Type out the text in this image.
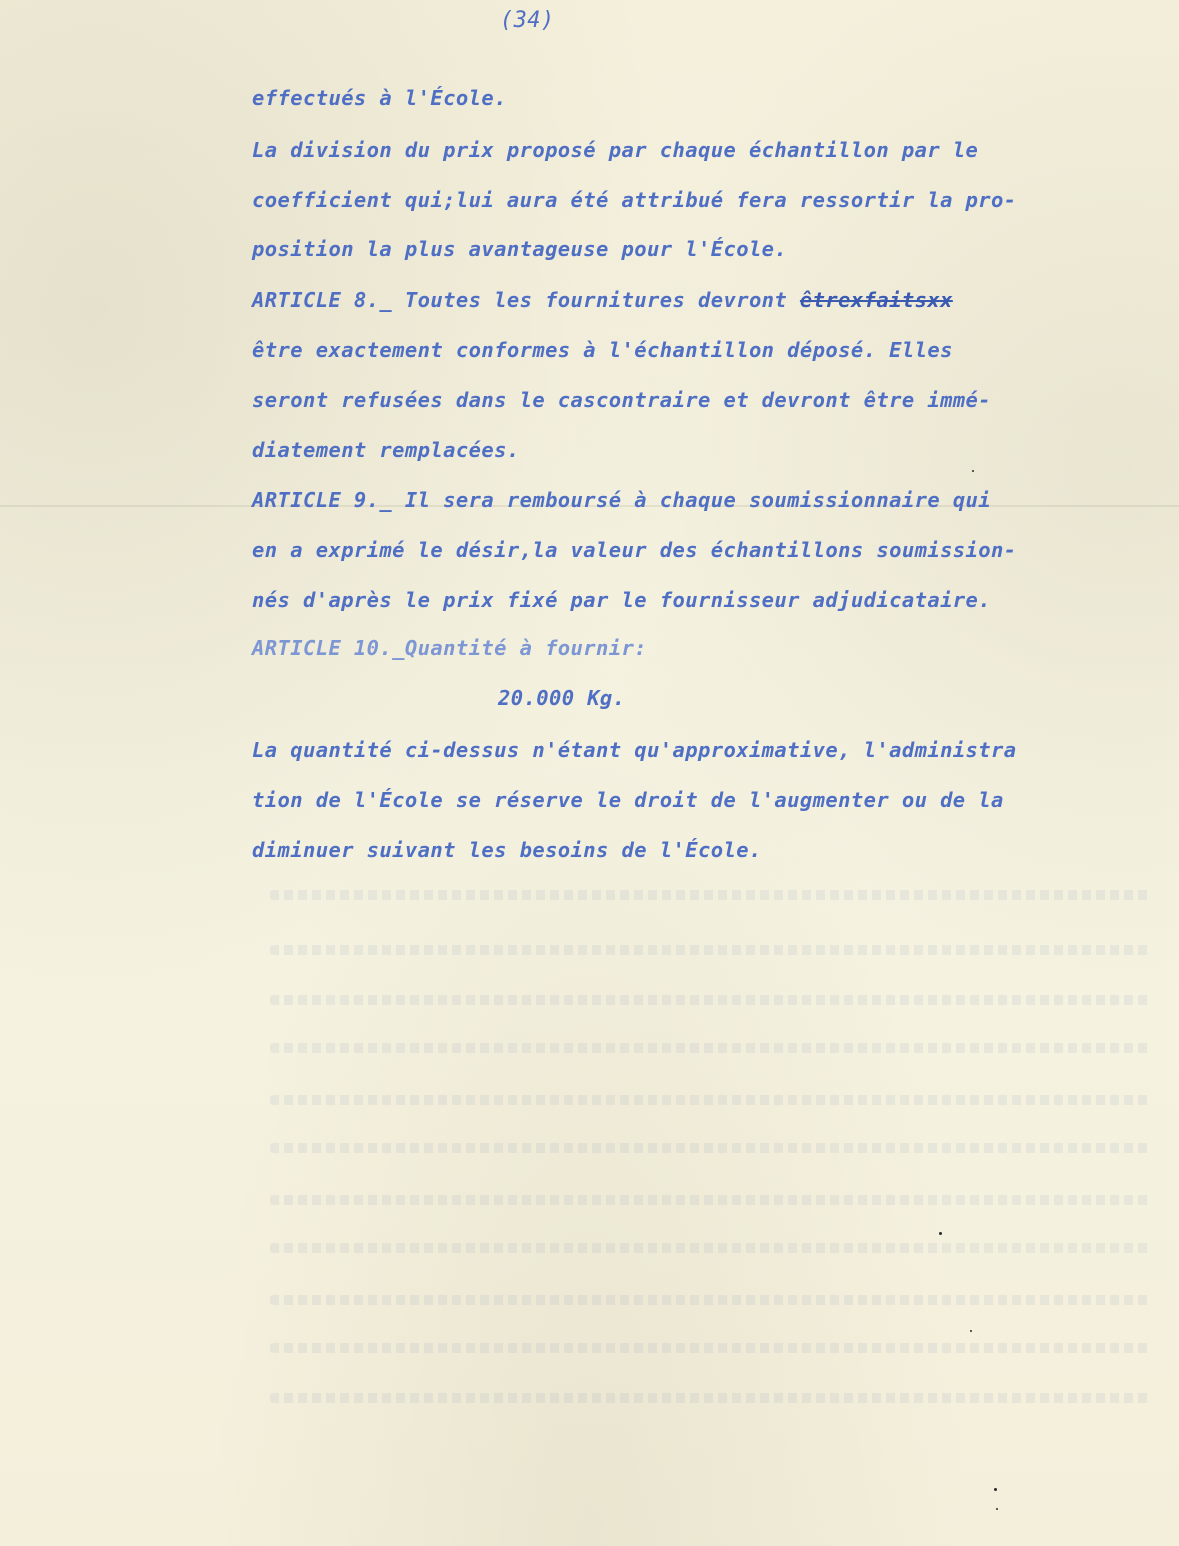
(34)
effectués à l'École.
La division du prix proposé par chaque échantillon par le
coefficient qui;lui aura été attribué fera ressortir la pro-
position la plus avantageuse pour l'École.
ARTICLE 8._ Toutes les fournitures devront êtrexfaitsxx
être exactement conformes à l'échantillon déposé. Elles
seront refusées dans le cascontraire et devront être immé-
diatement remplacées.
ARTICLE 9._ Il sera remboursé à chaque soumissionnaire qui
en a exprimé le désir,la valeur des échantillons soumission-
nés d'après le prix fixé par le fournisseur adjudicataire.
ARTICLE 10._Quantité à fournir:
20.000 Kg.
La quantité ci-dessus n'étant qu'approximative, l'administra
tion de l'École se réserve le droit de l'augmenter ou de la
diminuer suivant les besoins de l'École.
